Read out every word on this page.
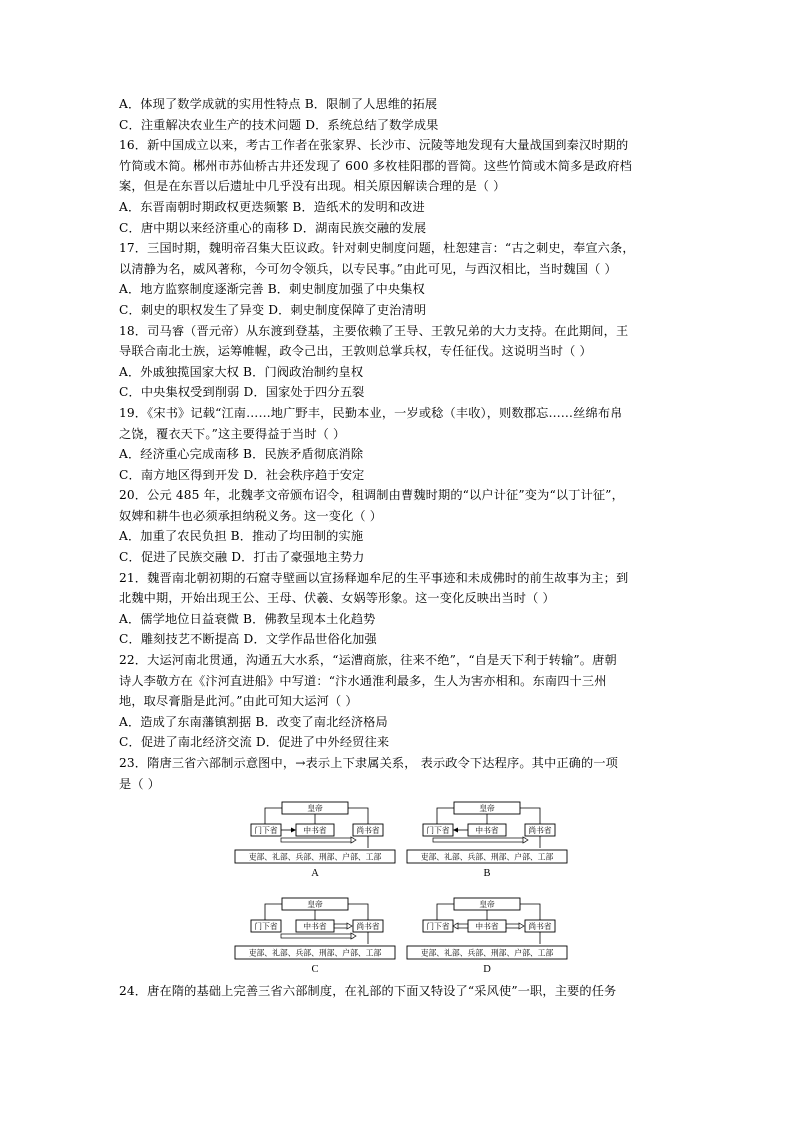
A．体现了数学成就的实用性特点 B．限制了人思维的拓展
C．注重解决农业生产的技术问题 D．系统总结了数学成果
16．新中国成立以来，考古工作者在张家界、长沙市、沅陵等地发现有大量战国到秦汉时期的
竹简或木简。郴州市苏仙桥古井还发现了 600 多枚桂阳郡的晋简。这些竹简或木简多是政府档
案，但是在东晋以后遗址中几乎没有出现。相关原因解读合理的是（ ）
A．东晋南朝时期政权更迭频繁 B．造纸术的发明和改进
C．唐中期以来经济重心的南移 D．湖南民族交融的发展
17．三国时期，魏明帝召集大臣议政。针对刺史制度问题，杜恕建言：“古之刺史，奉宣六条，
以清静为名，威风著称，今可勿令领兵，以专民事。”由此可见，与西汉相比，当时魏国（ ）
A．地方监察制度逐渐完善 B．刺史制度加强了中央集权
C．刺史的职权发生了异变 D．刺史制度保障了吏治清明
18．司马睿（晋元帝）从东渡到登基，主要依赖了王导、王敦兄弟的大力支持。在此期间，王
导联合南北士族，运筹帷幄，政令己出，王敦则总掌兵权，专任征伐。这说明当时（ ）
A．外戚独揽国家大权 B．门阀政治制约皇权
C．中央集权受到削弱 D．国家处于四分五裂
19．《宋书》记载“江南……地广野丰，民勤本业，一岁或稔（丰收），则数郡忘……丝绵布帛
之饶，覆衣天下。”这主要得益于当时（ ）
A．经济重心完成南移 B．民族矛盾彻底消除
C．南方地区得到开发 D．社会秩序趋于安定
20．公元 485 年，北魏孝文帝颁布诏令，租调制由曹魏时期的“以户计征”变为“以丁计征”，
奴婢和耕牛也必须承担纳税义务。这一变化（ ）
A．加重了农民负担 B．推动了均田制的实施
C．促进了民族交融 D．打击了豪强地主势力
21．魏晋南北朝初期的石窟寺壁画以宣扬释迦牟尼的生平事迹和未成佛时的前生故事为主；到
北魏中期，开始出现王公、王母、伏羲、女娲等形象。这一变化反映出当时（ ）
A．儒学地位日益衰微 B．佛教呈现本土化趋势
C．雕刻技艺不断提高 D．文学作品世俗化加强
22．大运河南北贯通，沟通五大水系，“运漕商旅，往来不绝”，“自是天下利于转输”。唐朝
诗人李敬方在《汴河直进船》中写道：“汴水通淮利最多，生人为害亦相和。东南四十三州
地，取尽膏脂是此河。”由此可知大运河（ ）
A．造成了东南藩镇割据 B．改变了南北经济格局
C．促进了南北经济交流 D．促进了中外经贸往来
23．隋唐三省六部制示意图中，→表示上下隶属关系， 表示政令下达程序。其中正确的一项
是（ ）
皇帝
门下省	中书省	尚书省
吏部、礼部、兵部、刑部、户部、工部
A
皇帝
门下省	中书省	尚书省
吏部、礼部、兵部、刑部、户部、工部
B
皇帝
门下省	中书省	尚书省
吏部、礼部、兵部、刑部、户部、工部
C
皇帝
门下省	中书省	尚书省
吏部、礼部、兵部、刑部、户部、工部
D
24．唐在隋的基础上完善三省六部制度，在礼部的下面又特设了“采风使”一职，主要的任务
